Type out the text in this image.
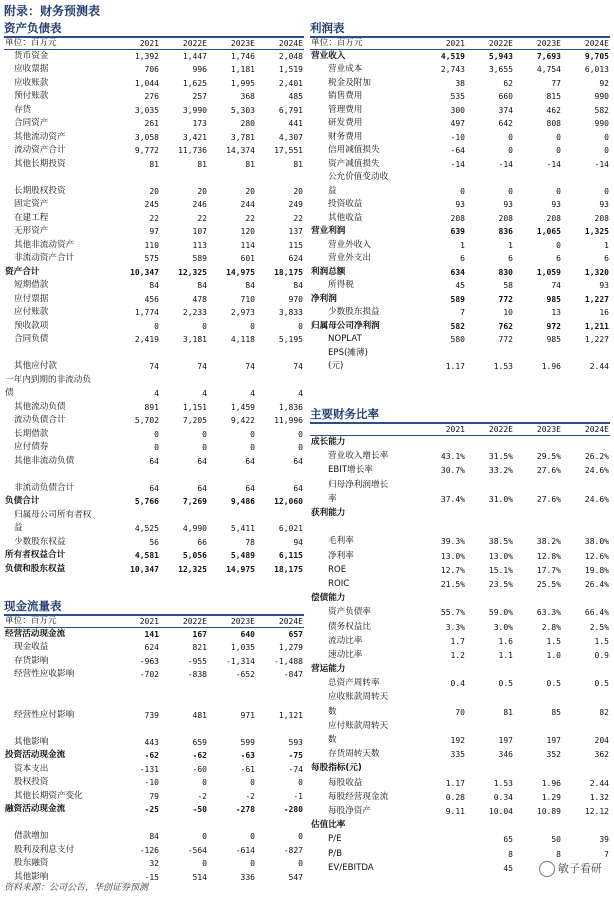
附录：财务预测表
资产负债表
单位：百万元	2021	2022E	2023E	2024E
货币资金	1,392	1,447	1,746	2,048
应收票据	706	996	1,181	1,519
应收账款	1,044	1,625	1,995	2,401
预付账款	276	257	368	485
存货	3,035	3,990	5,303	6,791
合同资产	261	173	280	441
其他流动资产	3,058	3,421	3,781	4,307
流动资产合计	9,772	11,736	14,374	17,551
其他长期投资	81	81	81	81

长期股权投资	20	20	20	20
固定资产	245	246	244	249
在建工程	22	22	22	22
无形资产	97	107	120	137
其他非流动资产	110	113	114	115
非流动资产合计	575	589	601	624
资产合计	10,347	12,325	14,975	18,175
短期借款	84	84	84	84
应付票据	456	478	710	970
应付账款	1,774	2,233	2,973	3,833
预收款项	0	0	0	0
合同负债	2,419	3,181	4,118	5,195

其他应付款	74	74	74	74
一年内到期的非流动负				
债	4	4	4	4
其他流动负债	891	1,151	1,459	1,836
流动负债合计	5,702	7,205	9,422	11,996
长期借款	0	0	0	0
应付债券	0	0	0	0
其他非流动负债	64	64	64	64

非流动负债合计	64	64	64	64
负债合计	5,766	7,269	9,486	12,060
归属母公司所有者权				
益	4,525	4,990	5,411	6,021
少数股东权益	56	66	78	94
所有者权益合计	4,581	5,056	5,489	6,115
负债和股东权益	10,347	12,325	14,975	18,175
现金流量表
单位：百万元	2021	2022E	2023E	2024E
经营活动现金流	141	167	640	657
现金收益	624	821	1,035	1,279
存货影响	-963	-955	-1,314	-1,488
经营性应收影响	-702	-838	-652	-847

经营性应付影响	739	481	971	1,121

其他影响	443	659	599	593
投资活动现金流	-62	-62	-63	-75
资本支出	-131	-60	-61	-74
股权投资	-10	0	0	0
其他长期资产变化	79	-2	-2	-1
融资活动现金流	-25	-50	-278	-280

借款增加	84	0	0	0
股利及利息支付	-126	-564	-614	-827
股东融资	32	0	0	0
其他影响	-15	514	336	547
利润表
单位：百万元	2021	2022E	2023E	2024E
营业收入	4,519	5,943	7,693	9,705
营业成本	2,743	3,655	4,754	6,013
税金及附加	38	62	77	92
销售费用	535	660	815	990
管理费用	300	374	462	582
研发费用	497	642	808	990
财务费用	-10	0	0	0
信用减值损失	-64	0	0	0
资产减值损失	-14	-14	-14	-14
公允价值变动收				
益	0	0	0	0
投资收益	93	93	93	93
其他收益	208	208	208	208
营业利润	639	836	1,065	1,325
营业外收入	1	1	0	1
营业外支出	6	6	6	6
利润总额	634	830	1,059	1,320
所得税	45	58	74	93
净利润	589	772	985	1,227
少数股东损益	7	10	13	16
归属母公司净利润	582	762	972	1,211
NOPLAT	580	772	985	1,227
EPS(摊薄)				
(元)	1.17	1.53	1.96	2.44
主要财务比率
	2021	2022E	2023E	2024E
成长能力				
营业收入增长率	43.1%	31.5%	29.5%	26.2%
EBIT增长率	30.7%	33.2%	27.6%	24.6%
归母净利润增长				
率	37.4%	31.0%	27.6%	24.6%
获利能力				

毛利率	39.3%	38.5%	38.2%	38.0%
净利率	13.0%	13.0%	12.8%	12.6%
ROE	12.7%	15.1%	17.7%	19.8%
ROIC	21.5%	23.5%	25.5%	26.4%
偿债能力				
资产负债率	55.7%	59.0%	63.3%	66.4%
债务权益比	3.3%	3.0%	2.8%	2.5%
流动比率	1.7	1.6	1.5	1.5
速动比率	1.2	1.1	1.0	0.9
营运能力				
总资产周转率	0.4	0.5	0.5	0.5
应收账款周转天				
数	70	81	85	82
应付账款周转天				
数	192	197	197	204
存货周转天数	335	346	352	362
每股指标(元)				
每股收益	1.17	1.53	1.96	2.44
每股经营现金流	0.28	0.34	1.29	1.32
每股净资产	9.11	10.04	10.89	12.12
估值比率				
P/E		65	50	39
P/B		8	8	7
EV/EBITDA		45		
资料来源：公司公告，华创证券预测
敏子看研
